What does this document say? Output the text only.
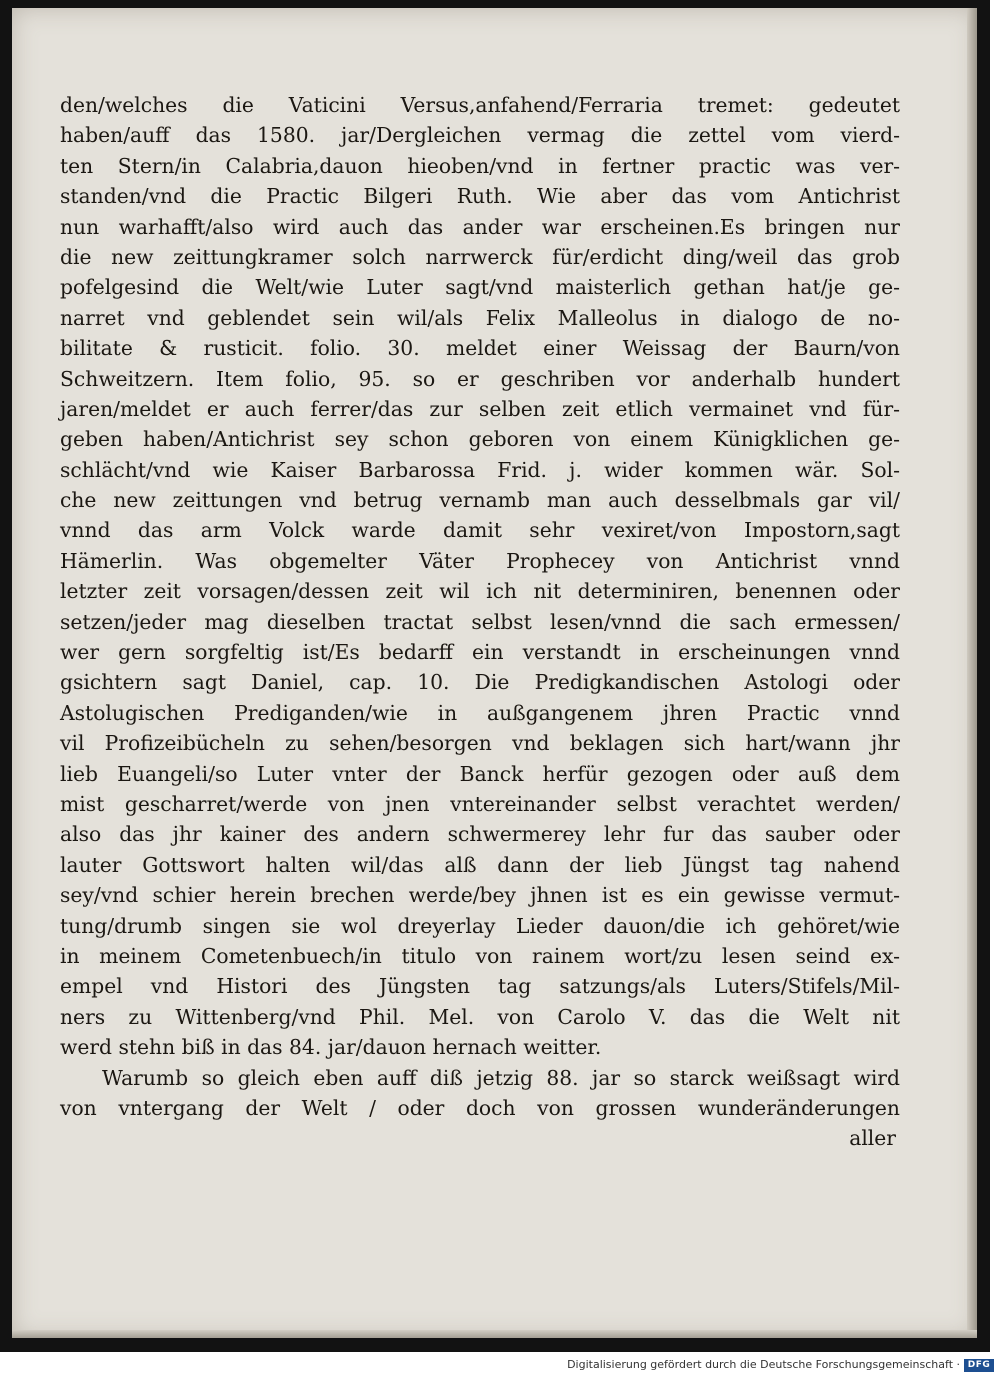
den/welches die Vaticini Versus,anfahend/Ferraria tremet: gedeutet
haben/auff das 1580. jar/Dergleichen vermag die zettel vom vierd-
ten Stern/in Calabria,dauon hieoben/vnd in fertner practic was ver-
standen/vnd die Practic Bilgeri Ruth. Wie aber das vom Antichrist
nun warhafft/also wird auch das ander war erscheinen.Es bringen nur
die new zeittungkramer solch narrwerck für/erdicht ding/weil das grob
pofelgesind die Welt/wie Luter sagt/vnd maisterlich gethan hat/je ge-
narret vnd geblendet sein wil/als Felix Malleolus in dialogo de no-
bilitate & rusticit. folio. 30. meldet einer Weissag der Baurn/von
Schweitzern. Item folio, 95. so er geschriben vor anderhalb hundert
jaren/meldet er auch ferrer/das zur selben zeit etlich vermainet vnd für-
geben haben/Antichrist sey schon geboren von einem Künigklichen ge-
schlächt/vnd wie Kaiser Barbarossa Frid. j. wider kommen wär. Sol-
che new zeittungen vnd betrug vernamb man auch desselbmals gar vil/
vnnd das arm Volck warde damit sehr vexiret/von Impostorn,sagt
Hämerlin. Was obgemelter Väter Prophecey von Antichrist vnnd
letzter zeit vorsagen/dessen zeit wil ich nit determiniren, benennen oder
setzen/jeder mag dieselben tractat selbst lesen/vnnd die sach ermessen/
wer gern sorgfeltig ist/Es bedarff ein verstandt in erscheinungen vnnd
gsichtern sagt Daniel, cap. 10. Die Predigkandischen Astologi oder
Astolugischen Prediganden/wie in außgangenem jhren Practic vnnd
vil Profizeibücheln zu sehen/besorgen vnd beklagen sich hart/wann jhr
lieb Euangeli/so Luter vnter der Banck herfür gezogen oder auß dem
mist gescharret/werde von jnen vntereinander selbst verachtet werden/
also das jhr kainer des andern schwermerey lehr fur das sauber oder
lauter Gottswort halten wil/das alß dann der lieb Jüngst tag nahend
sey/vnd schier herein brechen werde/bey jhnen ist es ein gewisse vermut-
tung/drumb singen sie wol dreyerlay Lieder dauon/die ich gehöret/wie
in meinem Cometenbuech/in titulo von rainem wort/zu lesen seind ex-
empel vnd Histori des Jüngsten tag satzungs/als Luters/Stifels/Mil-
ners zu Wittenberg/vnd Phil. Mel. von Carolo V. das die Welt nit
werd stehn biß in das 84. jar/dauon hernach weitter.
Warumb so gleich eben auff diß jetzig 88. jar so starck weißsagt wird
von vntergang der Welt / oder doch von grossen wunderänderungen
aller
Digitalisierung gefördert durch die Deutsche Forschungsgemeinschaft · DFG
